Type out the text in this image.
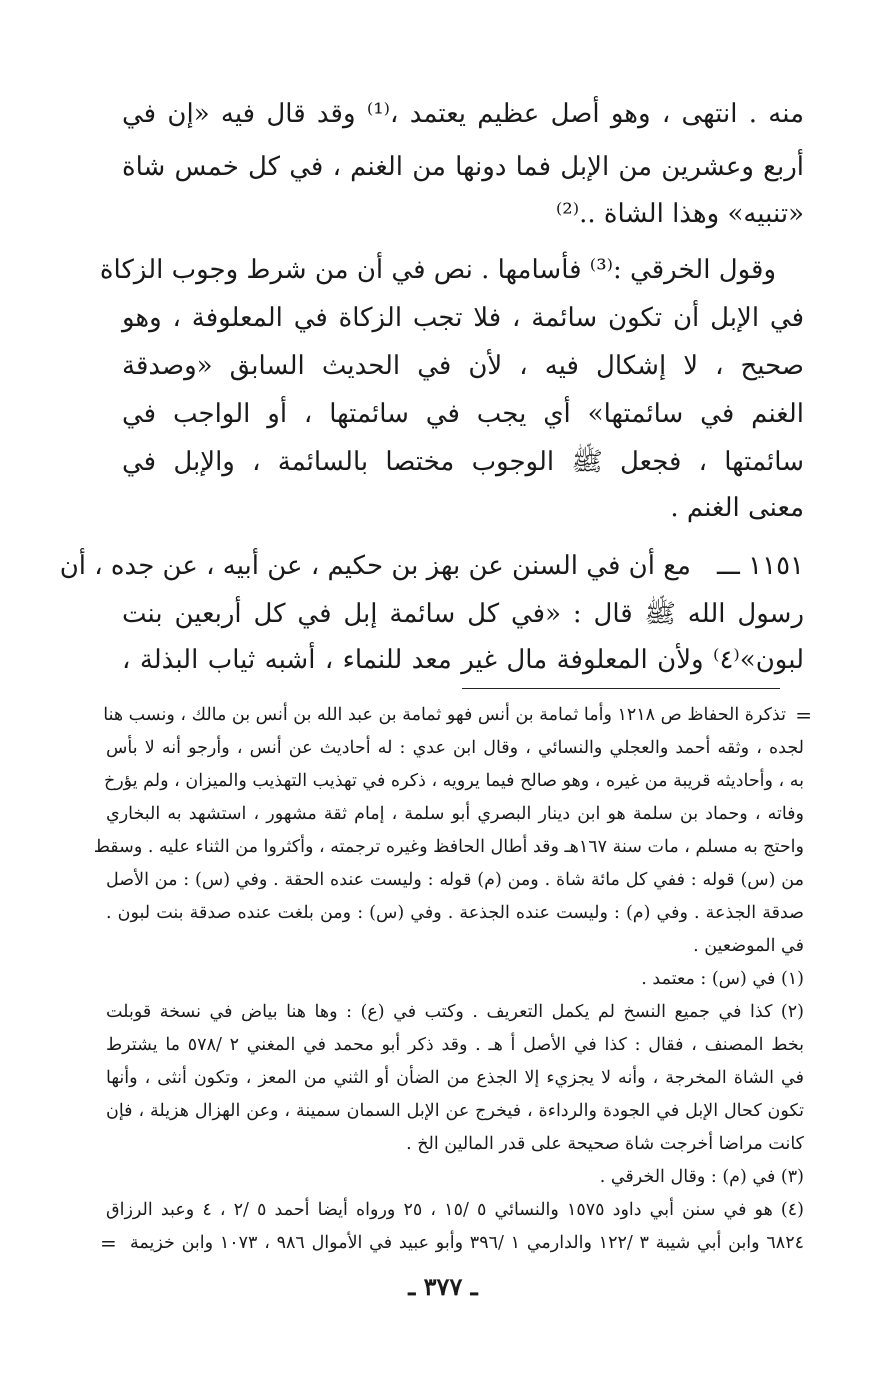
منه . انتهى ، وهو أصل عظيم يعتمد ،⁽¹⁾ وقد قال فيه «إن في
أربع وعشرين من الإبل فما دونها من الغنم ، في كل خمس شاة
«تنبيه» وهذا الشاة ..⁽²⁾
وقول الخرقي :⁽³⁾ فأسامها . نص في أن من شرط وجوب الزكاة
في الإبل أن تكون سائمة ، فلا تجب الزكاة في المعلوفة ، وهو
صحيح ، لا إشكال فيه ، لأن في الحديث السابق «وصدقة
الغنم في سائمتها» أي يجب في سائمتها ، أو الواجب في
سائمتها ، فجعل ﷺ الوجوب مختصا بالسائمة ، والإبل في
معنى الغنم .
١١٥١ ـــ
مع أن في السنن عن بهز بن حكيم ، عن أبيه ، عن جده ، أن
رسول الله ﷺ قال : «في كل سائمة إبل في كل أربعين بنت
لبون»⁽٤⁾ ولأن المعلوفة مال غير معد للنماء ، أشبه ثياب البذلة ،
=
تذكرة الحفاظ ص ١٢١٨ وأما ثمامة بن أنس فهو ثمامة بن عبد الله بن أنس بن مالك ، ونسب هنا
لجده ، وثقه أحمد والعجلي والنسائي ، وقال ابن عدي : له أحاديث عن أنس ، وأرجو أنه لا بأس
به ، وأحاديثه قريبة من غيره ، وهو صالح فيما يرويه ، ذكره في تهذيب التهذيب والميزان ، ولم يؤرخ
وفاته ، وحماد بن سلمة هو ابن دينار البصري أبو سلمة ، إمام ثقة مشهور ، استشهد به البخاري
واحتج به مسلم ، مات سنة ١٦٧هـ وقد أطال الحافظ وغيره ترجمته ، وأكثروا من الثناء عليه . وسقط
من (س) قوله : ففي كل مائة شاة . ومن (م) قوله : وليست عنده الحقة . وفي (س) : من الأصل
صدقة الجذعة . وفي (م) : وليست عنده الجذعة . وفي (س) : ومن بلغت عنده صدقة بنت لبون .
في الموضعين .
(١) في (س) : معتمد .
(٢) كذا في جميع النسخ لم يكمل التعريف . وكتب في (ع) : وها هنا بياض في نسخة قوبلت
بخط المصنف ، فقال : كذا في الأصل أ هـ . وقد ذكر أبو محمد في المغني ٢ /٥٧٨ ما يشترط
في الشاة المخرجة ، وأنه لا يجزيء إلا الجذع من الضأن أو الثني من المعز ، وتكون أنثى ، وأنها
تكون كحال الإبل في الجودة والرداءة ، فيخرج عن الإبل السمان سمينة ، وعن الهزال هزيلة ، فإن
كانت مراضا أخرجت شاة صحيحة على قدر المالين الخ .
(٣) في (م) : وقال الخرقي .
(٤) هو في سنن أبي داود ١٥٧٥ والنسائي ٥ /١٥ ، ٢٥ ورواه أيضا أحمد ٥ /٢ ، ٤ وعبد الرزاق
٦٨٢٤ وابن أبي شيبة ٣ /١٢٢ والدارمي ١ /٣٩٦ وأبو عبيد في الأموال ٩٨٦ ، ١٠٧٣ وابن خزيمة
=
ـ ٣٧٧ ـ
